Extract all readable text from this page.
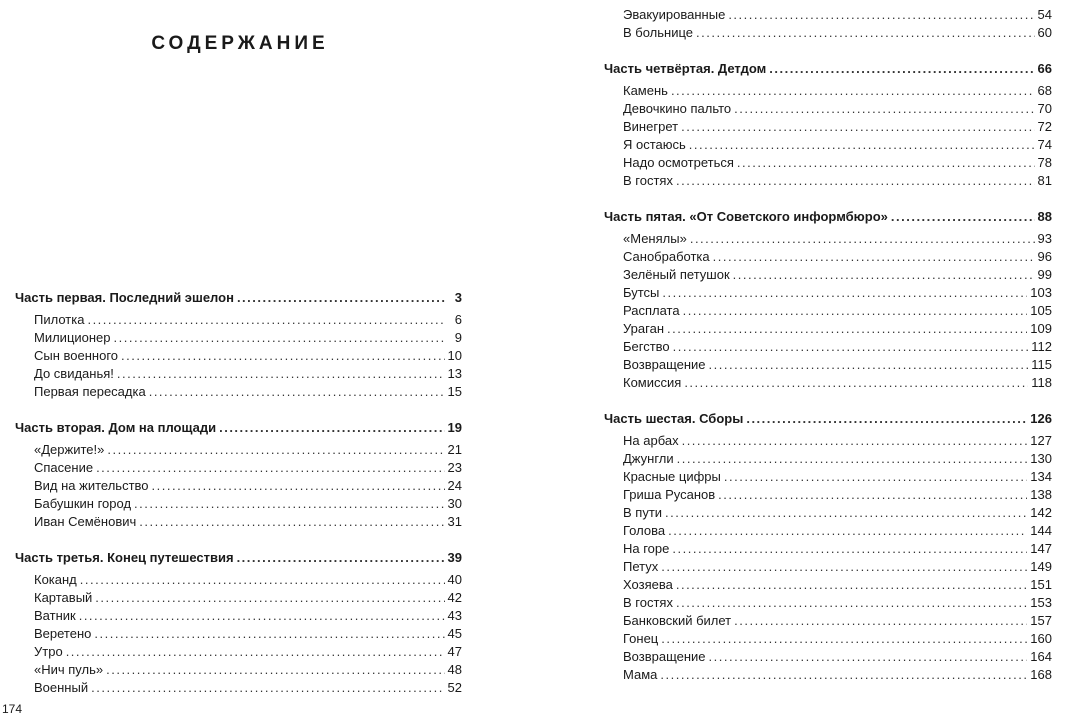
СОДЕРЖАНИЕ
Часть первая. Последний эшелон .....	3
Пилотка .....	6
Милиционер .....	9
Сын военного .....	10
До свиданья! .....	13
Первая пересадка .....	15
Часть вторая. Дом на площади .....	19
«Держите!» .....	21
Спасение .....	23
Вид на жительство .....	24
Бабушкин город .....	30
Иван Семёнович .....	31
Часть третья. Конец путешествия .....	39
Коканд .....	40
Картавый .....	42
Ватник .....	43
Веретено .....	45
Утро .....	47
«Нич пуль» .....	48
Военный .....	52

174

Эвакуированные .....	54
В больнице .....	60
Часть четвёртая. Детдом .....	66
Камень .....	68
Девочкино пальто .....	70
Винегрет .....	72
Я остаюсь .....	74
Надо осмотреться .....	78
В гостях .....	81
Часть пятая. «От Советского информбюро» .....	88
«Менялы» .....	93
Санобработка .....	96
Зелёный петушок .....	99
Бутсы .....	103
Расплата .....	105
Ураган .....	109
Бегство .....	112
Возвращение .....	115
Комиссия .....	118
Часть шестая. Сборы .....	126
На арбах .....	127
Джунгли .....	130
Красные цифры .....	134
Гриша Русанов .....	138
В пути .....	142
Голова .....	144
На горе .....	147
Петух .....	149
Хозяева .....	151
В гостях .....	153
Банковский билет .....	157
Гонец .....	160
Возвращение .....	164
Мама .....	168
